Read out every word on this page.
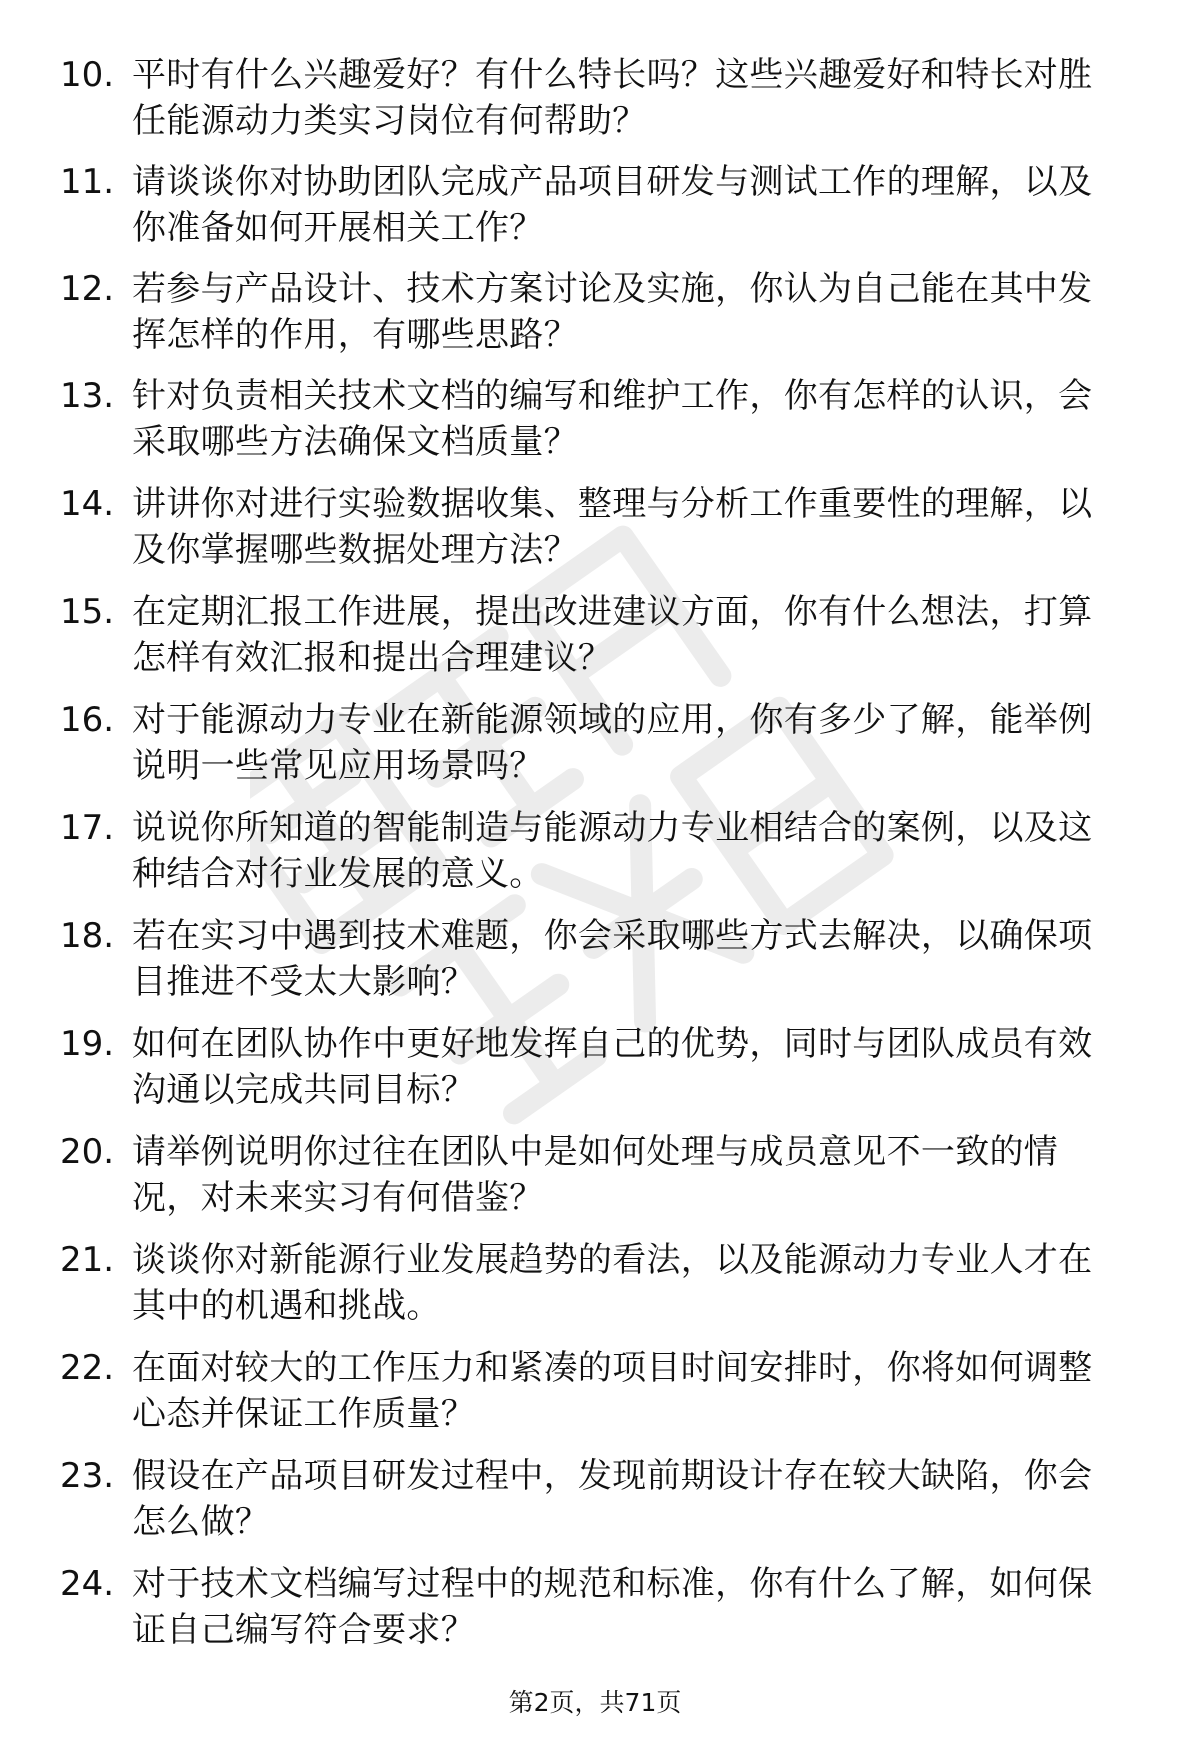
10. 平时有什么兴趣爱好？有什么特长吗？这些兴趣爱好和特长对胜
任能源动力类实习岗位有何帮助？
11. 请谈谈你对协助团队完成产品项目研发与测试工作的理解，以及
你准备如何开展相关工作？
12. 若参与产品设计、技术方案讨论及实施，你认为自己能在其中发
挥怎样的作用，有哪些思路？
13. 针对负责相关技术文档的编写和维护工作，你有怎样的认识，会
采取哪些方法确保文档质量？
14. 讲讲你对进行实验数据收集、整理与分析工作重要性的理解，以
及你掌握哪些数据处理方法？
15. 在定期汇报工作进展，提出改进建议方面，你有什么想法，打算
怎样有效汇报和提出合理建议？
16. 对于能源动力专业在新能源领域的应用，你有多少了解，能举例
说明一些常见应用场景吗？
17. 说说你所知道的智能制造与能源动力专业相结合的案例，以及这
种结合对行业发展的意义。
18. 若在实习中遇到技术难题，你会采取哪些方式去解决，以确保项
目推进不受太大影响？
19. 如何在团队协作中更好地发挥自己的优势，同时与团队成员有效
沟通以完成共同目标？
20. 请举例说明你过往在团队中是如何处理与成员意见不一致的情
况，对未来实习有何借鉴？
21. 谈谈你对新能源行业发展趋势的看法，以及能源动力专业人才在
其中的机遇和挑战。
22. 在面对较大的工作压力和紧凑的项目时间安排时，你将如何调整
心态并保证工作质量？
23. 假设在产品项目研发过程中，发现前期设计存在较大缺陷，你会
怎么做？
24. 对于技术文档编写过程中的规范和标准，你有什么了解，如何保
证自己编写符合要求？
第2页，共71页
